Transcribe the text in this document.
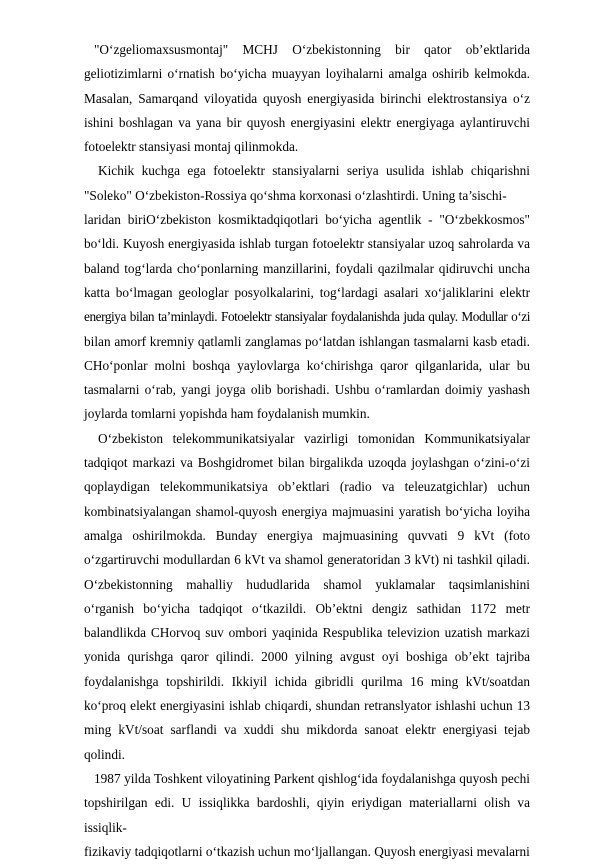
"O‘zgeliomaxsusmontaj" MCHJ O‘zbekistonning bir qator ob’ektlarida geliotizimlarni o‘rnatish bo‘yicha muayyan loyihalarni amalga oshirib kelmokda. Masalan, Samarqand viloyatida quyosh energiyasida birinchi elektrostansiya o‘z ishini boshlagan va yana bir quyosh energiyasini elektr energiyaga aylantiruvchi fotoelektr stansiyasi montaj qilinmokda.

Kichik kuchga ega fotoelektr stansiyalarni seriya usulida ishlab chiqarishni "Soleko" O‘zbekiston-Rossiya qo‘shma korxonasi o‘zlashtirdi. Uning ta’sischi-
laridan biriO‘zbekiston kosmiktadqiqotlari bo‘yicha agentlik - "O‘zbekkosmos" bo‘ldi. Kuyosh energiyasida ishlab turgan fotoelektr stansiyalar uzoq sahrolarda va baland tog‘larda cho‘ponlarning manzillarini, foydali qazilmalar qidiruvchi uncha katta bo‘lmagan geologlar posyolkalarini, tog‘lardagi asalari xo‘jaliklarini elektr energiya bilan ta’minlaydi. Fotoelektr stansiyalar foydalanishda juda qulay. Modullar o‘zi bilan amorf kremniy qatlamli zanglamas po‘latdan ishlangan tasmalarni kasb etadi. CHo‘ponlar molni boshqa yaylovlarga ko‘chirishga qaror qilganlarida, ular bu tasmalarni o‘rab, yangi joyga olib borishadi. Ushbu o‘ramlardan doimiy yashash joylarda tomlarni yopishda ham foydalanish mumkin.

O‘zbekiston telekommunikatsiyalar vazirligi tomonidan Kommunikatsiyalar tadqiqot markazi va Boshgidromet bilan birgalikda uzoqda joylashgan o‘zini-o‘zi qoplaydigan telekommunikatsiya ob’ektlari (radio va teleuzatgichlar) uchun kombinatsiyalangan shamol-quyosh energiya majmuasini yaratish bo‘yicha loyiha amalga oshirilmokda. Bunday energiya majmuasining quvvati 9 kVt (foto o‘zgartiruvchi modullardan 6 kVt va shamol generatoridan 3 kVt) ni tashkil qiladi. O‘zbekistonning mahalliy hududlarida shamol yuklamalar taqsimlanishini o‘rganish bo‘yicha tadqiqot o‘tkazildi. Ob’ektni dengiz sathidan 1172 metr balandlikda CHorvoq suv ombori yaqinida Respublika televizion uzatish markazi yonida qurishga qaror qilindi. 2000 yilning avgust oyi boshiga ob’ekt tajriba foydalanishga topshirildi. Ikkiyil ichida gibridli qurilma 16 ming kVt/soatdan ko‘proq elekt energiyasini ishlab chiqardi, shundan retranslyator ishlashi uchun 13 ming kVt/soat sarflandi va xuddi shu mikdorda sanoat elektr energiyasi tejab qolindi.

1987 yilda Toshkent viloyatining Parkent qishlog‘ida foydalanishga quyosh pechi topshirilgan edi. U issiqlikka bardoshli, qiyin eriydigan materiallarni olish va issiqlik-
fizikaviy tadqiqotlarni o‘tkazish uchun mo‘ljallangan. Quyosh energiyasi mevalarni
